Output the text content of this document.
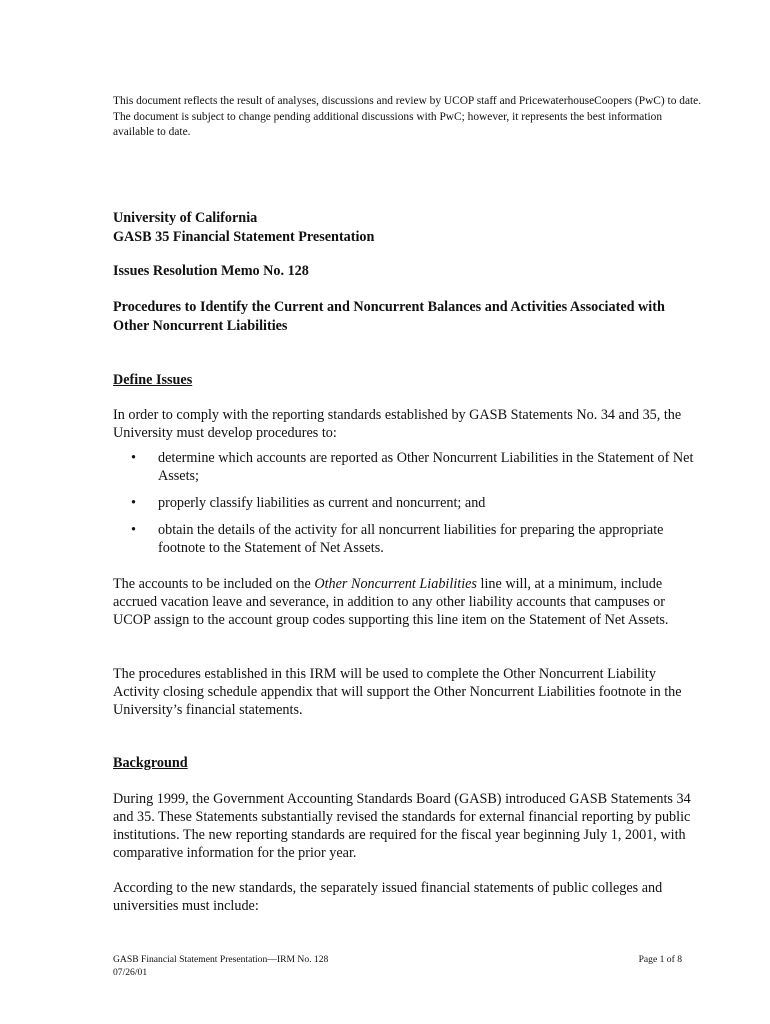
This document reflects the result of analyses, discussions and review by UCOP staff and PricewaterhouseCoopers (PwC) to date. The document is subject to change pending additional discussions with PwC; however, it represents the best information available to date.

University of California

GASB 35 Financial Statement Presentation

Issues Resolution Memo No. 128

Procedures to Identify the Current and Noncurrent Balances and Activities Associated with Other Noncurrent Liabilities

Define Issues

In order to comply with the reporting standards established by GASB Statements No. 34 and 35, the University must develop procedures to:

• determine which accounts are reported as Other Noncurrent Liabilities in the Statement of Net Assets;
• properly classify liabilities as current and noncurrent; and
• obtain the details of the activity for all noncurrent liabilities for preparing the appropriate footnote to the Statement of Net Assets.

The accounts to be included on the Other Noncurrent Liabilities line will, at a minimum, include accrued vacation leave and severance, in addition to any other liability accounts that campuses or UCOP assign to the account group codes supporting this line item on the Statement of Net Assets.

The procedures established in this IRM will be used to complete the Other Noncurrent Liability Activity closing schedule appendix that will support the Other Noncurrent Liabilities footnote in the University’s financial statements.

Background

During 1999, the Government Accounting Standards Board (GASB) introduced GASB Statements 34 and 35. These Statements substantially revised the standards for external financial reporting by public institutions. The new reporting standards are required for the fiscal year beginning July 1, 2001, with comparative information for the prior year.

According to the new standards, the separately issued financial statements of public colleges and universities must include:

GASB Financial Statement Presentation—IRM No. 128
07/26/01
Page 1 of 8
